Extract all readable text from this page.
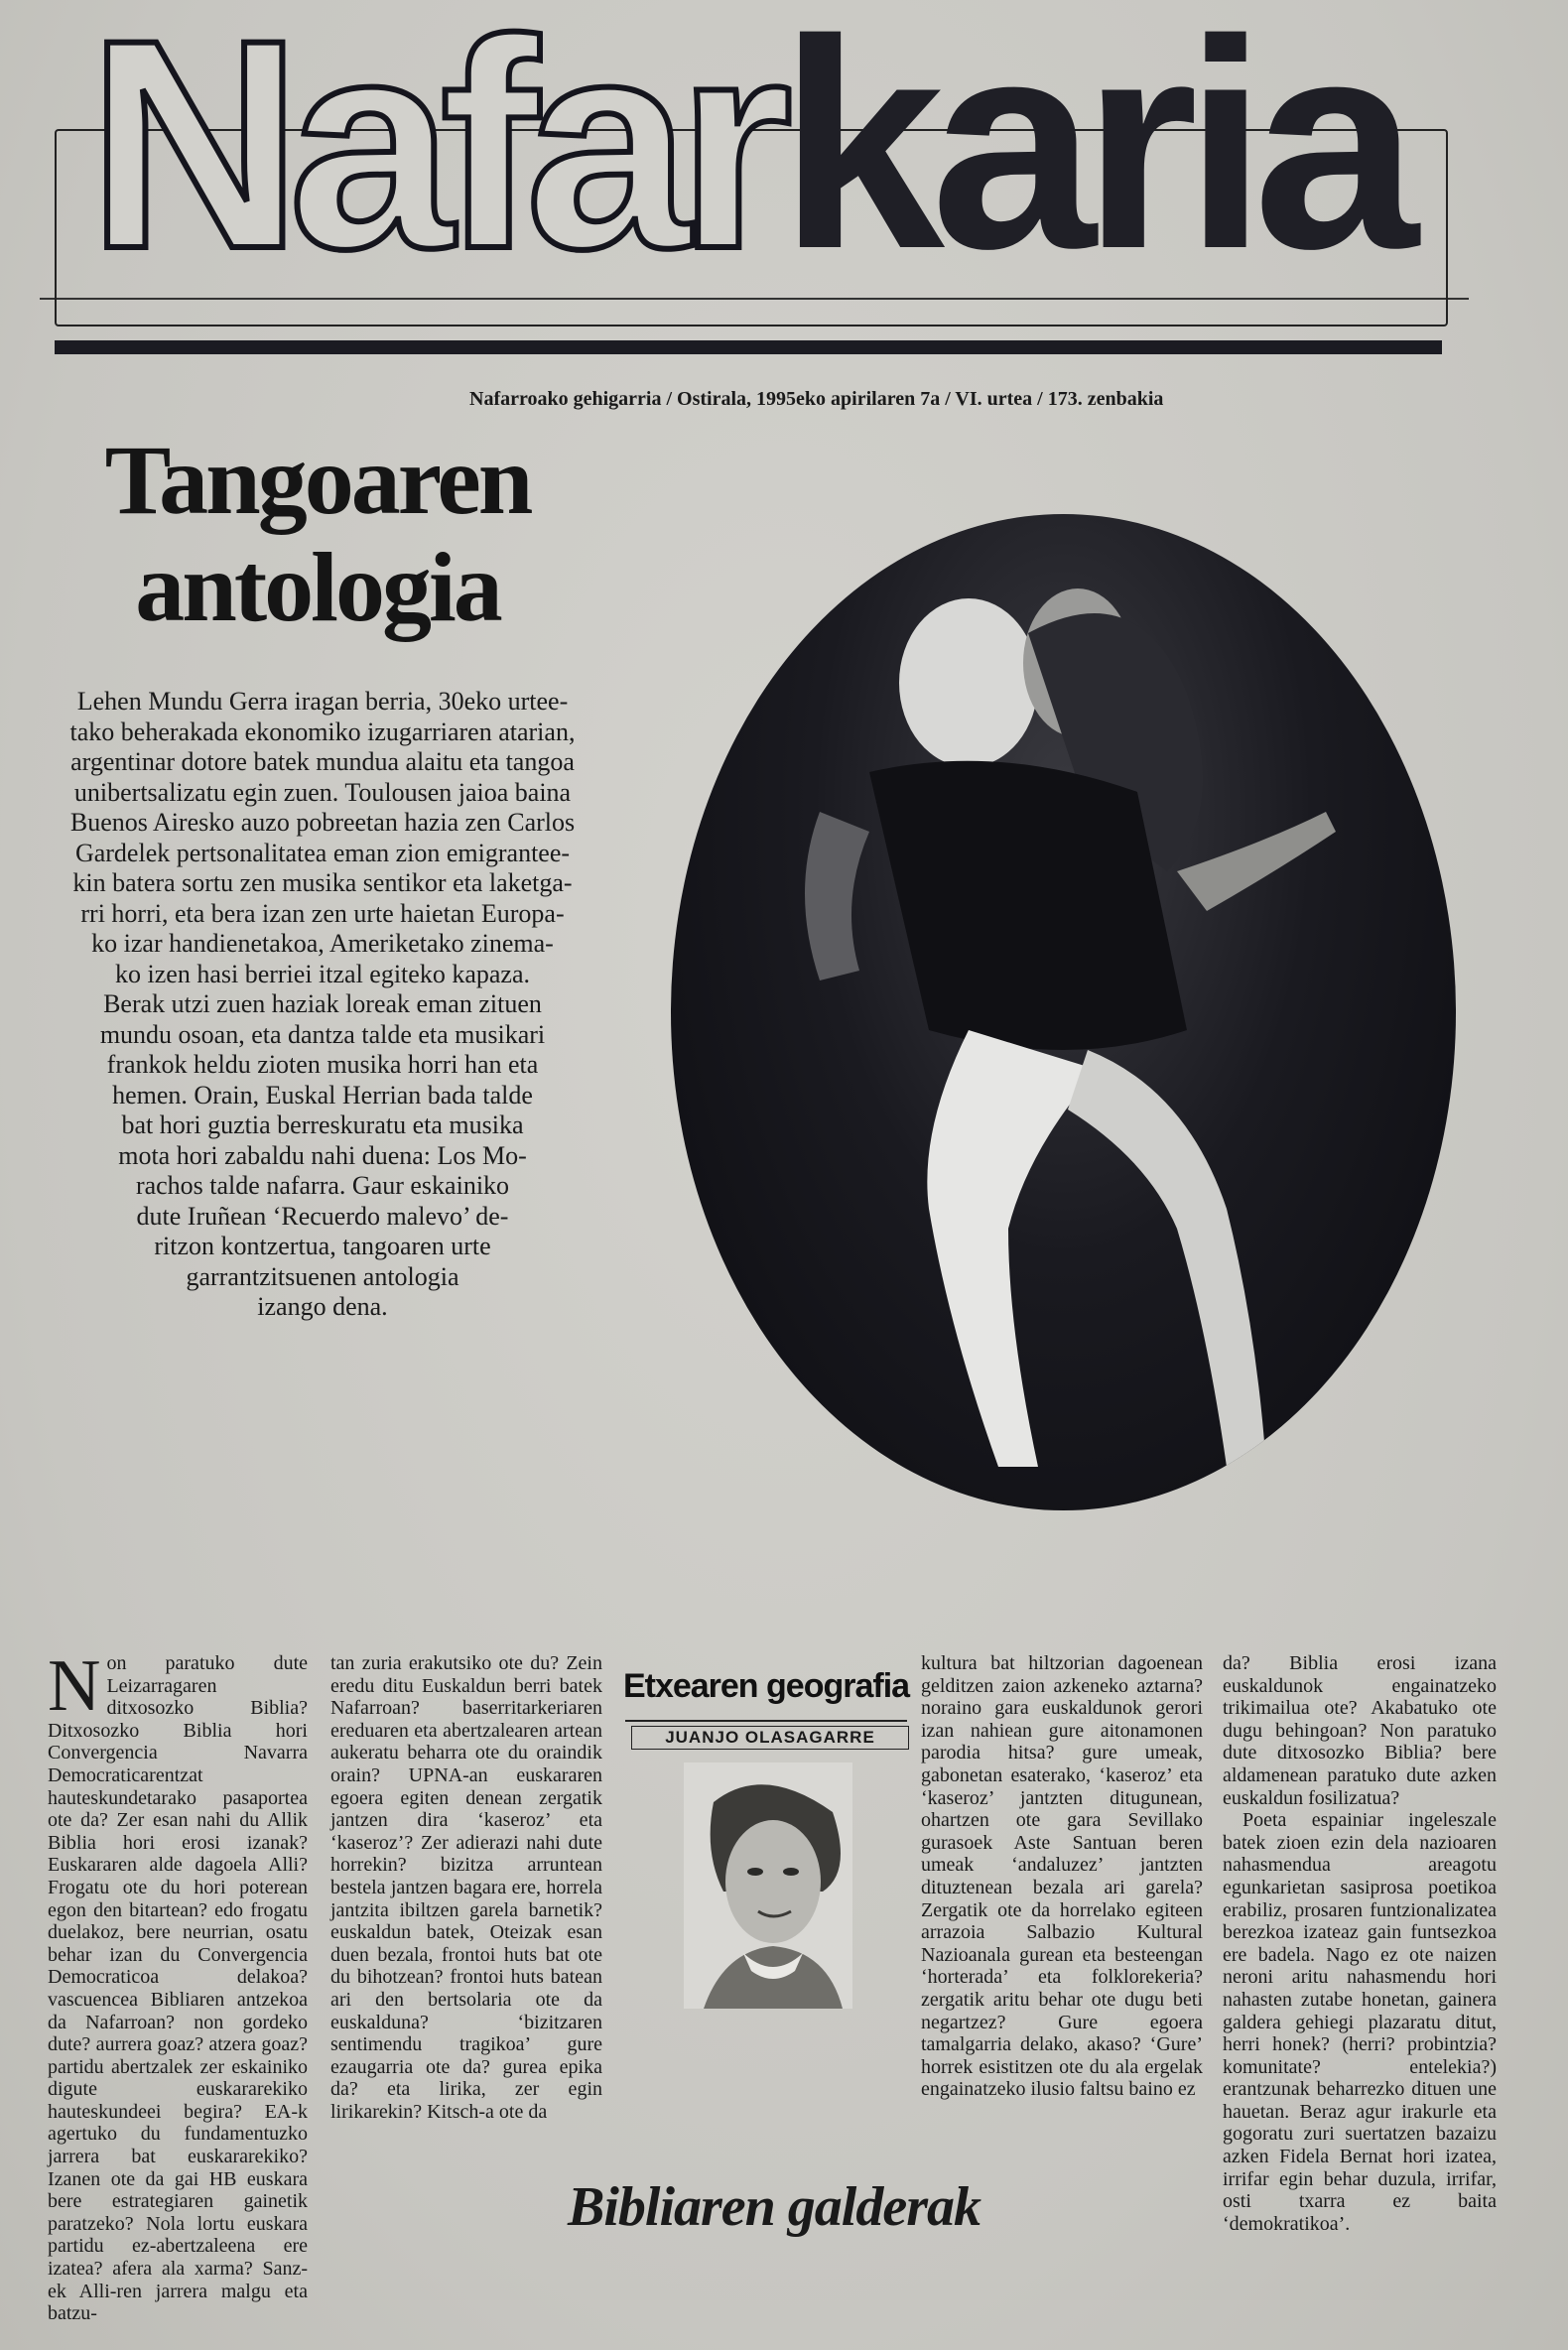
Nafarkaria
Nafarroako gehigarria / Ostirala, 1995eko apirilaren 7a / VI. urtea / 173. zenbakia
Tangoaren
antologia

Lehen Mundu Gerra iragan berria, 30eko urtee-

tako beherakada ekonomiko izugarriaren atarian,

argentinar dotore batek mundua alaitu eta tangoa

unibertsalizatu egin zuen. Toulousen jaioa baina

Buenos Airesko auzo pobreetan hazia zen Carlos

Gardelek pertsonalitatea eman zion emigrantee-

kin batera sortu zen musika sentikor eta laketga-

rri horri, eta bera izan zen urte haietan Europa-

ko izar handienetakoa, Ameriketako zinema-

ko izen hasi berriei itzal egiteko kapaza.

Berak utzi zuen haziak loreak eman zituen

mundu osoan, eta dantza talde eta musikari

frankok heldu zioten musika horri han eta

hemen. Orain, Euskal Herrian bada talde

bat hori guztia berreskuratu eta musika

mota hori zabaldu nahi duena: Los Mo-

rachos talde nafarra. Gaur eskainiko

dute Iruñean ‘Recuerdo malevo’ de-

ritzon kontzertua, tangoaren urte

garrantzitsuenen antologia

izango dena.

Non paratuko dute Leizarragaren ditxosozko Biblia? Ditxosozko Biblia hori Convergencia Navarra Democraticarentzat hauteskundetarako pasaportea ote da? Zer esan nahi du Allik Biblia hori erosi izanak? Euskararen alde dagoela Alli? Frogatu ote du hori poterean egon den bitartean? edo frogatu duelakoz, bere neurrian, osatu behar izan du Convergencia Democraticoa delakoa? vascuencea Bibliaren antzekoa da Nafarroan? non gordeko dute? aurrera goaz? atzera goaz? partidu abertzalek zer eskainiko digute euskararekiko hauteskundeei begira? EA-k agertuko du fundamentuzko jarrera bat euskararekiko? Izanen ote da gai HB euskara bere estrategiaren gainetik paratzeko? Nola lortu euskara partidu ez-abertzaleena ere izatea? afera ala xarma? Sanz-ek Alli-ren jarrera malgu eta batzu-

tan zuria erakutsiko ote du? Zein eredu ditu Euskaldun berri batek Nafarroan? baserritarkeriaren ereduaren eta abertzalearen artean aukeratu beharra ote du oraindik orain? UPNA-an euskararen egoera egiten denean zergatik jantzen dira ‘kaseroz’ eta ‘kaseroz’? Zer adierazi nahi dute horrekin? bizitza arruntean bestela jantzen bagara ere, horrela jantzita ibiltzen garela barnetik? euskaldun batek, Oteizak esan duen bezala, frontoi huts bat ote du bihotzean? frontoi huts batean ari den bertsolaria ote da euskalduna? ‘bizitzaren sentimendu tragikoa’ gure ezaugarria ote da? gurea epika da? eta lirika, zer egin lirikarekin? Kitsch-a ote da

Etxearen geografia
JUANJO OLASAGARRE

kultura bat hiltzorian dagoenean gelditzen zaion azkeneko aztarna? noraino gara euskaldunok gerori izan nahiean gure aitonamonen parodia hitsa? gure umeak, gabonetan esaterako, ‘kaseroz’ eta ‘kaseroz’ jantzten ditugunean, ohartzen ote gara Sevillako gurasoek Aste Santuan beren umeak ‘andaluzez’ jantzten dituztenean bezala ari garela? Zergatik ote da horrelako egiteen arrazoia Salbazio Kultural Nazioanala gurean eta besteengan ‘horterada’ eta folklorekeria? zergatik aritu behar ote dugu beti negartzez? Gure egoera tamalgarria delako, akaso? ‘Gure’ horrek esistitzen ote du ala ergelak engainatzeko ilusio faltsu baino ez

da? Biblia erosi izana euskaldunok engainatzeko trikimailua ote? Akabatuko ote dugu behingoan? Non paratuko dute ditxosozko Biblia? bere aldamenean paratuko dute azken euskaldun fosilizatua?

Poeta espainiar ingeleszale batek zioen ezin dela nazioaren nahasmendua areagotu egunkarietan sasiprosa poetikoa erabiliz, prosaren funtzionalizatea berezkoa izateaz gain funtsezkoa ere badela. Nago ez ote naizen neroni aritu nahasmendu hori nahasten zutabe honetan, gainera galdera gehiegi plazaratu ditut, herri honek? (herri? probintzia? komunitate? entelekia?) erantzunak beharrezko dituen une hauetan. Beraz agur irakurle eta gogoratu zuri suertatzen bazaizu azken Fidela Bernat hori izatea, irrifar egin behar duzula, irrifar, osti txarra ez baita ‘demokratikoa’.

Bibliaren galderak
